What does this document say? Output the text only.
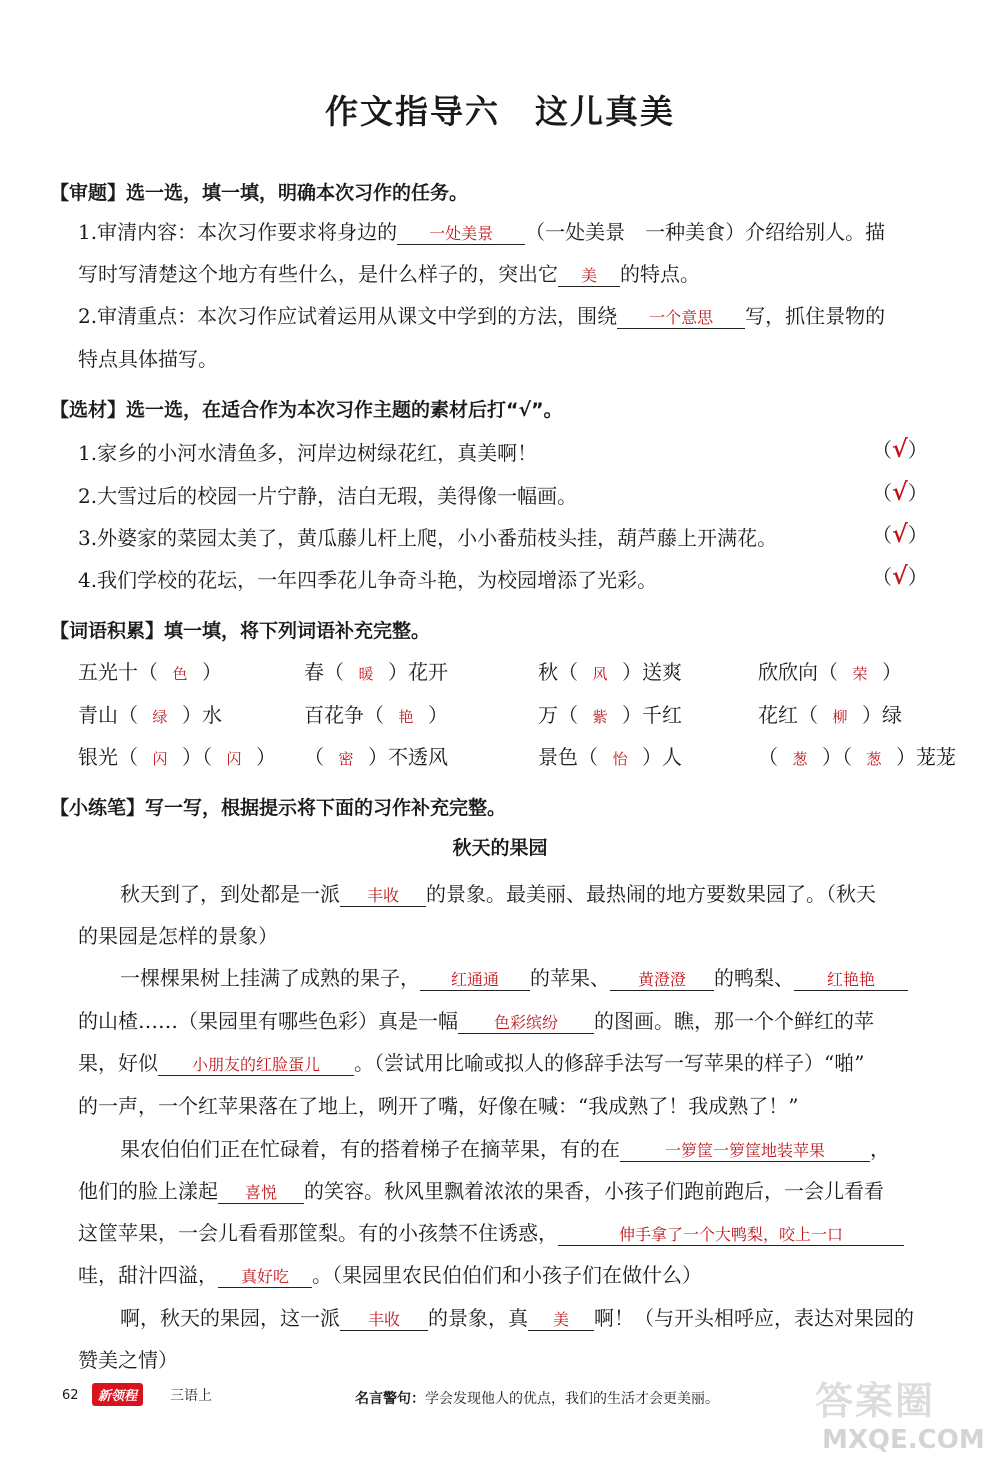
作文指导六　这儿真美
【审题】选一选，填一填，明确本次习作的任务。
1.审清内容：本次习作要求将身边的 一处美景 （一处美景　一种美食）介绍给别人。描
写时写清楚这个地方有些什么，是什么样子的，突出它 美 的特点。
2.审清重点：本次习作应试着运用从课文中学到的方法，围绕 一个意思 写，抓住景物的
特点具体描写。
【选材】选一选，在适合作为本次习作主题的素材后打“√”。
1.家乡的小河水清鱼多，河岸边树绿花红，真美啊！
2.大雪过后的校园一片宁静，洁白无瑕，美得像一幅画。
3.外婆家的菜园太美了，黄瓜藤儿杆上爬，小小番茄枝头挂，葫芦藤上开满花。
4.我们学校的花坛，一年四季花儿争奇斗艳，为校园增添了光彩。
（√）
（√）
（√）
（√）
【词语积累】填一填，将下列词语补充完整。
五光十（ 色 ）	春（ 暖 ）花开	秋（ 风 ）送爽	欣欣向（ 荣 ）
青山（ 绿 ）水	百花争（ 艳 ）	万（ 紫 ）千红	花红（ 柳 ）绿
银光（ 闪 ）（ 闪 ） （ 密 ）不透风	景色（ 怡 ）人	（ 葱 ）（ 葱 ）茏茏
【小练笔】写一写，根据提示将下面的习作补充完整。
秋天的果园
秋天到了，到处都是一派 丰收 的景象。最美丽、最热闹的地方要数果园了。（秋天
的果园是怎样的景象）
一棵棵果树上挂满了成熟的果子， 红通通 的苹果、 黄澄澄 的鸭梨、 红艳艳
的山楂……（果园里有哪些色彩）真是一幅 色彩缤纷 的图画。瞧，那一个个鲜红的苹
果，好似 小朋友的红脸蛋儿 。（尝试用比喻或拟人的修辞手法写一写苹果的样子）“啪”
的一声，一个红苹果落在了地上，咧开了嘴，好像在喊：“我成熟了！我成熟了！”
果农伯伯们正在忙碌着，有的搭着梯子在摘苹果，有的在	一箩筐一箩筐地装苹果 ，
他们的脸上漾起 喜悦 的笑容。秋风里飘着浓浓的果香，小孩子们跑前跑后，一会儿看看
这筐苹果，一会儿看看那筐梨。有的小孩禁不住诱惑，	伸手拿了一个大鸭梨，咬上一口
哇，甜汁四溢， 真好吃 。（果园里农民伯伯们和小孩子们在做什么）
啊，秋天的果园，这一派 丰收 的景象，真 美 啊！（与开头相呼应，表达对果园的
赞美之情）
62	新领程	三语上	名言警句：学会发现他人的优点，我们的生活才会更美丽。	答案圈
MXQE.COM
